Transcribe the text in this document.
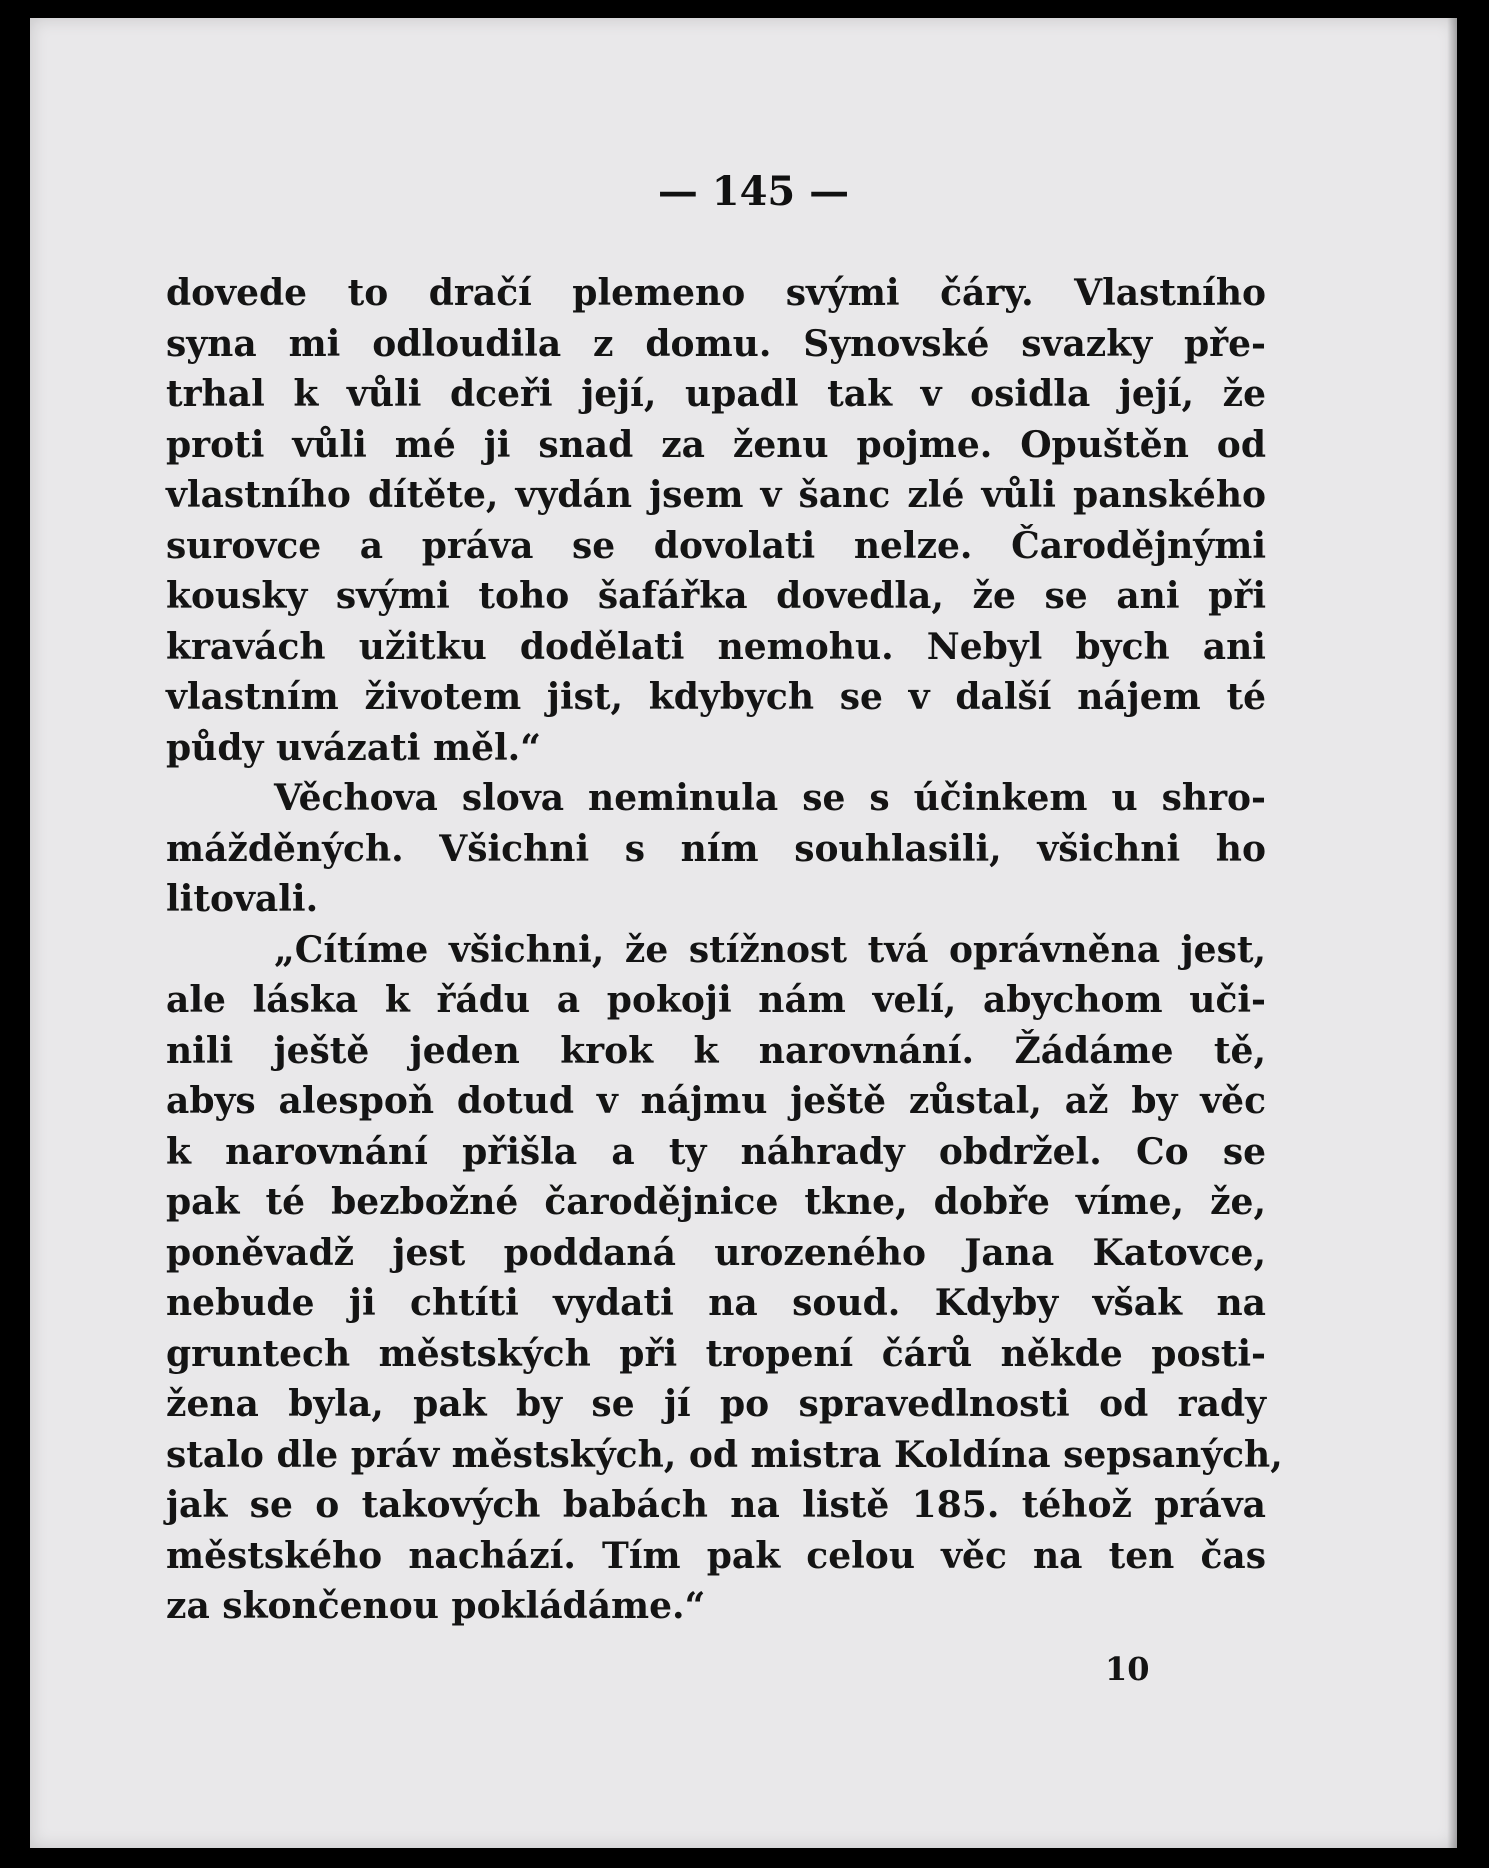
— 145 —
dovede to dračí plemeno svými čáry. Vlastního
syna mi odloudila z domu. Synovské svazky pře-
trhal k vůli dceři její, upadl tak v osidla její, že
proti vůli mé ji snad za ženu pojme. Opuštěn od
vlastního dítěte, vydán jsem v šanc zlé vůli panského
surovce a práva se dovolati nelze. Čarodějnými
kousky svými toho šafářka dovedla, že se ani při
kravách užitku dodělati nemohu. Nebyl bych ani
vlastním životem jist, kdybych se v další nájem té
půdy uvázati měl.“
Věchova slova neminula se s účinkem u shro-
mážděných. Všichni s ním souhlasili, všichni ho
litovali.
„Cítíme všichni, že stížnost tvá oprávněna jest,
ale láska k řádu a pokoji nám velí, abychom uči-
nili ještě jeden krok k narovnání. Žádáme tě,
abys alespoň dotud v nájmu ještě zůstal, až by věc
k narovnání přišla a ty náhrady obdržel. Co se
pak té bezbožné čarodějnice tkne, dobře víme, že,
poněvadž jest poddaná urozeného Jana Katovce,
nebude ji chtíti vydati na soud. Kdyby však na
gruntech městských při tropení čárů někde posti-
žena byla, pak by se jí po spravedlnosti od rady
stalo dle práv městských, od mistra Koldína sepsaných,
jak se o takových babách na listě 185. téhož práva
městského nachází. Tím pak celou věc na ten čas
za skončenou pokládáme.“
10
